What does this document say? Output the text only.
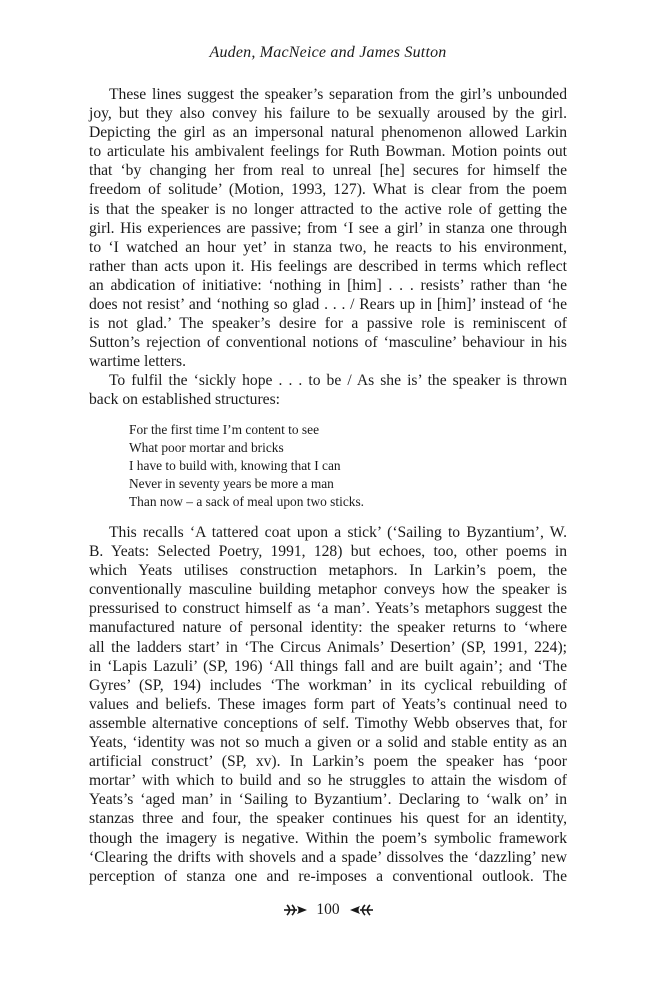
Auden, MacNeice and James Sutton
These lines suggest the speaker’s separation from the girl’s unbounded
joy, but they also convey his failure to be sexually aroused by the girl.
Depicting the girl as an impersonal natural phenomenon allowed Larkin
to articulate his ambivalent feelings for Ruth Bowman. Motion points out
that ‘by changing her from real to unreal [he] secures for himself the
freedom of solitude’ (Motion, 1993, 127). What is clear from the poem
is that the speaker is no longer attracted to the active role of getting the
girl. His experiences are passive; from ‘I see a girl’ in stanza one through
to ‘I watched an hour yet’ in stanza two, he reacts to his environment,
rather than acts upon it. His feelings are described in terms which reflect
an abdication of initiative: ‘nothing in [him] . . . resists’ rather than ‘he
does not resist’ and ‘nothing so glad . . . / Rears up in [him]’ instead of ‘he
is not glad.’ The speaker’s desire for a passive role is reminiscent of
Sutton’s rejection of conventional notions of ‘masculine’ behaviour in his
wartime letters.
To fulfil the ‘sickly hope . . . to be / As she is’ the speaker is thrown
back on established structures:
For the first time I’m content to see
What poor mortar and bricks
I have to build with, knowing that I can
Never in seventy years be more a man
Than now – a sack of meal upon two sticks.
This recalls ‘A tattered coat upon a stick’ (‘Sailing to Byzantium’, W.
B. Yeats: Selected Poetry, 1991, 128) but echoes, too, other poems in
which Yeats utilises construction metaphors. In Larkin’s poem, the
conventionally masculine building metaphor conveys how the speaker is
pressurised to construct himself as ‘a man’. Yeats’s metaphors suggest the
manufactured nature of personal identity: the speaker returns to ‘where
all the ladders start’ in ‘The Circus Animals’ Desertion’ (SP, 1991, 224);
in ‘Lapis Lazuli’ (SP, 196) ‘All things fall and are built again’; and ‘The
Gyres’ (SP, 194) includes ‘The workman’ in its cyclical rebuilding of
values and beliefs. These images form part of Yeats’s continual need to
assemble alternative conceptions of self. Timothy Webb observes that, for
Yeats, ‘identity was not so much a given or a solid and stable entity as an
artificial construct’ (SP, xv). In Larkin’s poem the speaker has ‘poor
mortar’ with which to build and so he struggles to attain the wisdom of
Yeats’s ‘aged man’ in ‘Sailing to Byzantium’. Declaring to ‘walk on’ in
stanzas three and four, the speaker continues his quest for an identity,
though the imagery is negative. Within the poem’s symbolic framework
‘Clearing the drifts with shovels and a spade’ dissolves the ‘dazzling’ new
perception of stanza one and re-imposes a conventional outlook. The
100
